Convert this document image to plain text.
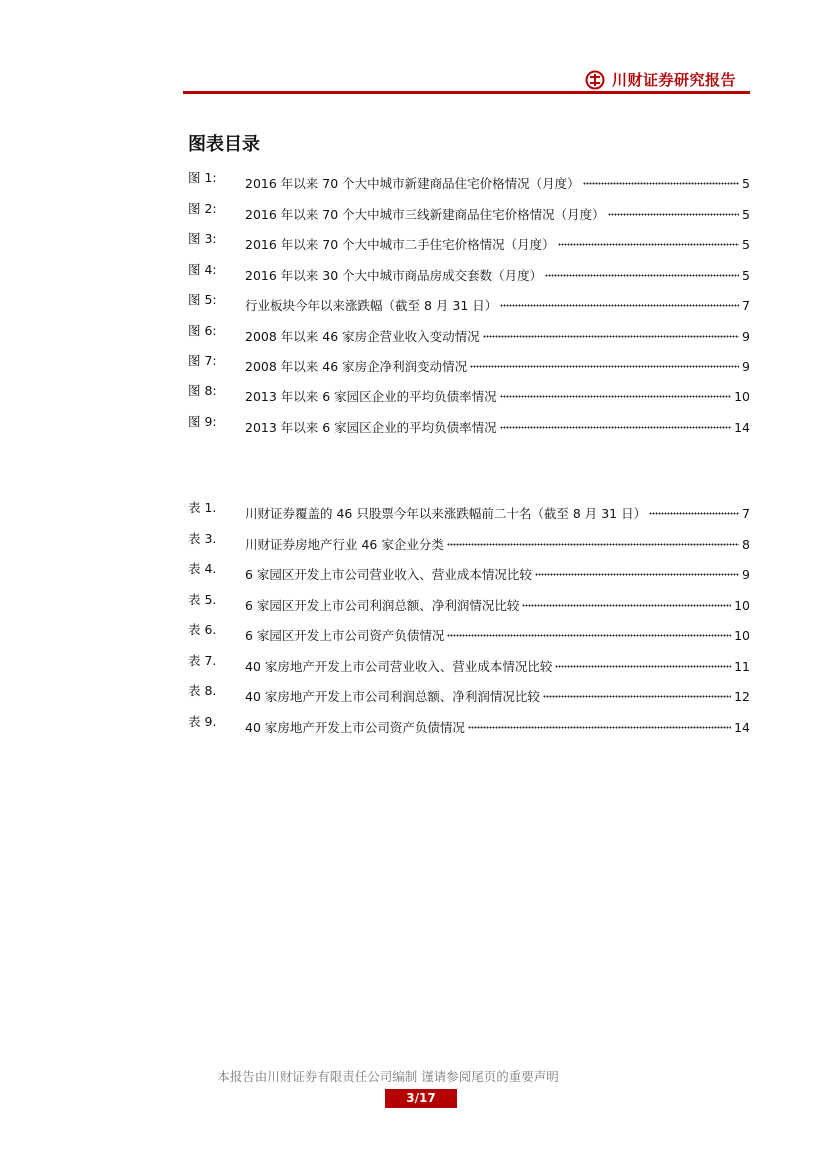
川财证券研究报告
图表目录
图 1: 2016 年以来 70 个大中城市新建商品住宅价格情况（月度）	5
图 2: 2016 年以来 70 个大中城市三线新建商品住宅价格情况（月度）	5
图 3: 2016 年以来 70 个大中城市二手住宅价格情况（月度）	5
图 4: 2016 年以来 30 个大中城市商品房成交套数（月度）	5
图 5: 行业板块今年以来涨跌幅（截至 8 月 31 日）	7
图 6: 2008 年以来 46 家房企营业收入变动情况	9
图 7: 2008 年以来 46 家房企净利润变动情况	9
图 8: 2013 年以来 6 家园区企业的平均负债率情况	10
图 9: 2013 年以来 6 家园区企业的平均负债率情况	14
表 1. 川财证券覆盖的 46 只股票今年以来涨跌幅前二十名（截至 8 月 31 日）	7
表 3. 川财证券房地产行业 46 家企业分类	8
表 4. 6 家园区开发上市公司营业收入、营业成本情况比较	9
表 5. 6 家园区开发上市公司利润总额、净利润情况比较	10
表 6. 6 家园区开发上市公司资产负债情况	10
表 7. 40 家房地产开发上市公司营业收入、营业成本情况比较	11
表 8. 40 家房地产开发上市公司利润总额、净利润情况比较	12
表 9. 40 家房地产开发上市公司资产负债情况	14
本报告由川财证券有限责任公司编制 谨请参阅尾页的重要声明
3/17
